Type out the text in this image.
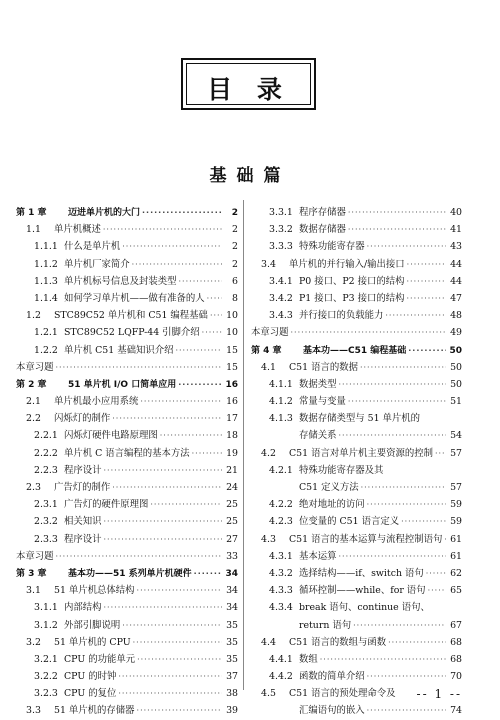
目 录
基础篇
第 1 章	迈进单片机的大门 ·····	2
1.1	单片机概述 ·····	2
1.1.1 什么是单片机 ·····	2
1.1.2 单片机厂家简介 ·····	2
1.1.3 单片机标号信息及封装类型 ·····	6
1.1.4 如何学习单片机——做有准备的人 ·····	8
1.2	STC89C52 单片机和 C51 编程基础 ····· 10
1.2.1 STC89C52 LQFP-44 引脚介绍 ·····	10
1.2.2 单片机 C51 基础知识介绍 ·····	15
本章习题 ·····	15
第 2 章	51 单片机 I/O 口简单应用 ·····	16
2.1	单片机最小应用系统 ·····	16
2.2	闪烁灯的制作 ·····	17
2.2.1 闪烁灯硬件电路原理图 ·····	18
2.2.2 单片机 C 语言编程的基本方法 ·····	19
2.2.3 程序设计 ·····	21
2.3	广告灯的制作 ·····	24
2.3.1 广告灯的硬件原理图 ·····	25
2.3.2 相关知识 ·····	25
2.3.3 程序设计 ·····	27
本章习题 ·····	33
第 3 章	基本功——51 系列单片机硬件 ·····	34
3.1	51 单片机总体结构 ·····	34
3.1.1 内部结构 ·····	34
3.1.2 外部引脚说明 ·····	35
3.2	51 单片机的 CPU ·····	35
3.2.1 CPU 的功能单元 ·····	35
3.2.2 CPU 的时钟 ·····	37
3.2.3 CPU 的复位 ·····	38
3.3	51 单片机的存储器 ·····	39
3.3.1 程序存储器 ·····	40
3.3.2 数据存储器 ·····	41
3.3.3 特殊功能寄存器 ·····	43
3.4	单片机的并行输入/输出接口 ·····	44
3.4.1 P0 接口、P2 接口的结构 ·····	44
3.4.2 P1 接口、P3 接口的结构 ·····	47
3.4.3 并行接口的负载能力 ·····	48
本章习题 ·····	49
第 4 章	基本功——C51 编程基础 ·····	50
4.1	C51 语言的数据 ·····	50
4.1.1 数据类型 ·····	50
4.1.2 常量与变量 ·····	51
4.1.3 数据存储类型与 51 单片机的
存储关系 ·····	54
4.2	C51 语言对单片机主要资源的控制 ····· 57
4.2.1 特殊功能寄存器及其
C51 定义方法 ·····	57
4.2.2 绝对地址的访问 ·····	59
4.2.3 位变量的 C51 语言定义 ·····	59
4.3	C51 语言的基本运算与流程控制语句 ····· 61
4.3.1 基本运算 ·····	61
4.3.2 选择结构——if、switch 语句 ·····	62
4.3.3 循环控制——while、for 语句 ·····	65
4.3.4 break 语句、continue 语句、
return 语句 ·····	67
4.4	C51 语言的数组与函数 ·····	68
4.4.1 数组 ·····	68
4.4.2 函数的简单介绍 ·····	70
4.5	C51 语言的预处理命令及
汇编语句的嵌入 ·····	74
-- 1 --
